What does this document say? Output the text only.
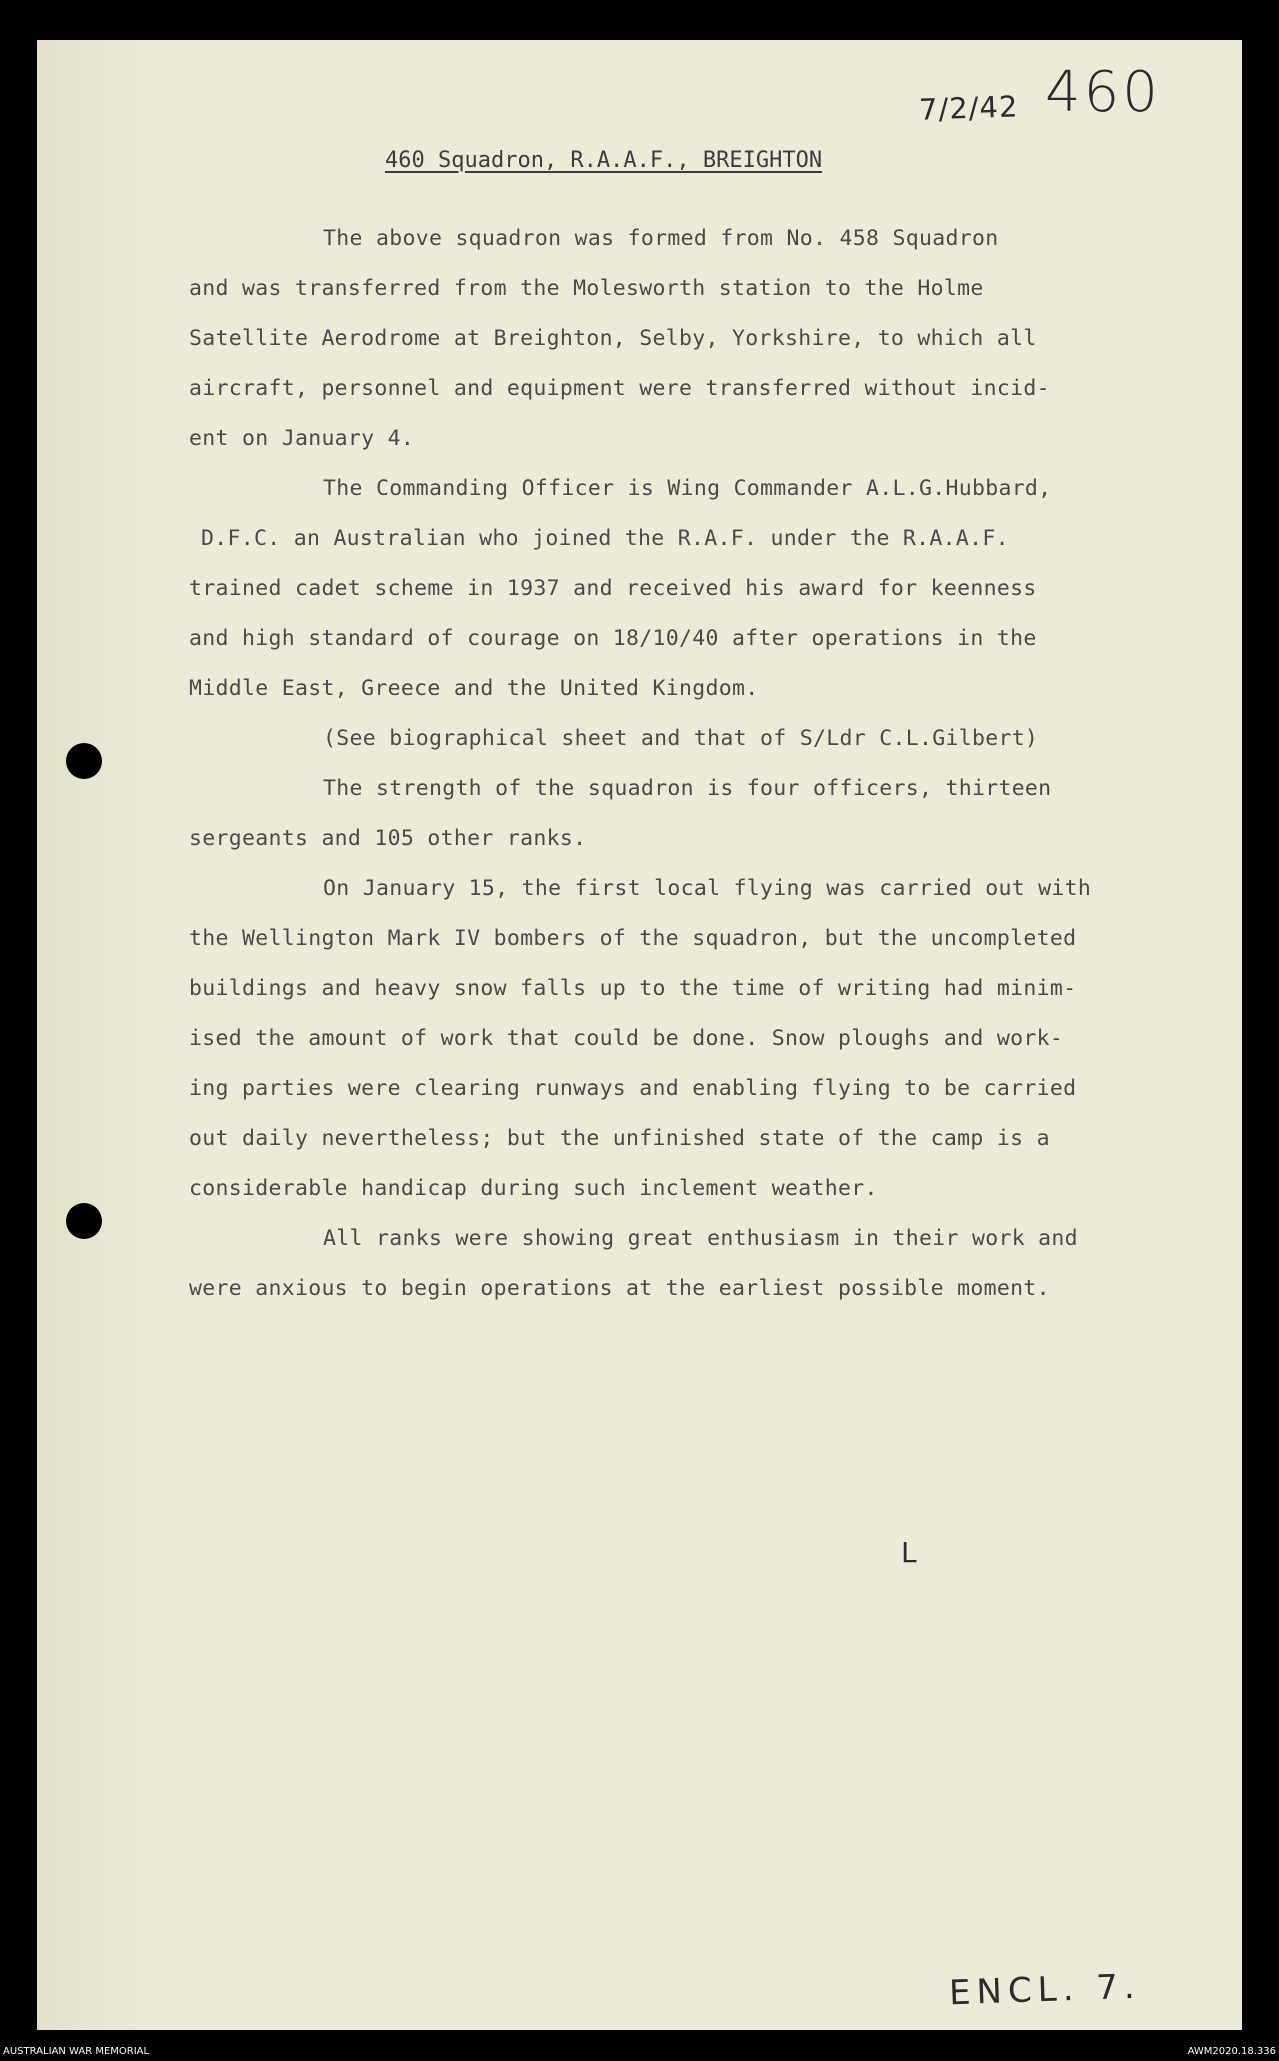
7/2/42 460
460 Squadron, R.A.A.F., BREIGHTON
The above squadron was formed from No. 458 Squadron
and was transferred from the Molesworth station to the Holme
Satellite Aerodrome at Breighton, Selby, Yorkshire, to which all
aircraft, personnel and equipment were transferred without incid-
ent on January 4.
The Commanding Officer is Wing Commander A.L.G.Hubbard,
D.F.C. an Australian who joined the R.A.F. under the R.A.A.F.
trained cadet scheme in 1937 and received his award for keenness
and high standard of courage on 18/10/40 after operations in the
Middle East, Greece and the United Kingdom.
(See biographical sheet and that of S/Ldr C.L.Gilbert)
The strength of the squadron is four officers, thirteen
sergeants and 105 other ranks.
On January 15, the first local flying was carried out with
the Wellington Mark IV bombers of the squadron, but the uncompleted
buildings and heavy snow falls up to the time of writing had minim-
ised the amount of work that could be done. Snow ploughs and work-
ing parties were clearing runways and enabling flying to be carried
out daily nevertheless; but the unfinished state of the camp is a
considerable handicap during such inclement weather.
All ranks were showing great enthusiasm in their work and
were anxious to begin operations at the earliest possible moment.
L
ENCL. 7.
AUSTRALIAN WAR MEMORIAL	AWM2020.18.336
